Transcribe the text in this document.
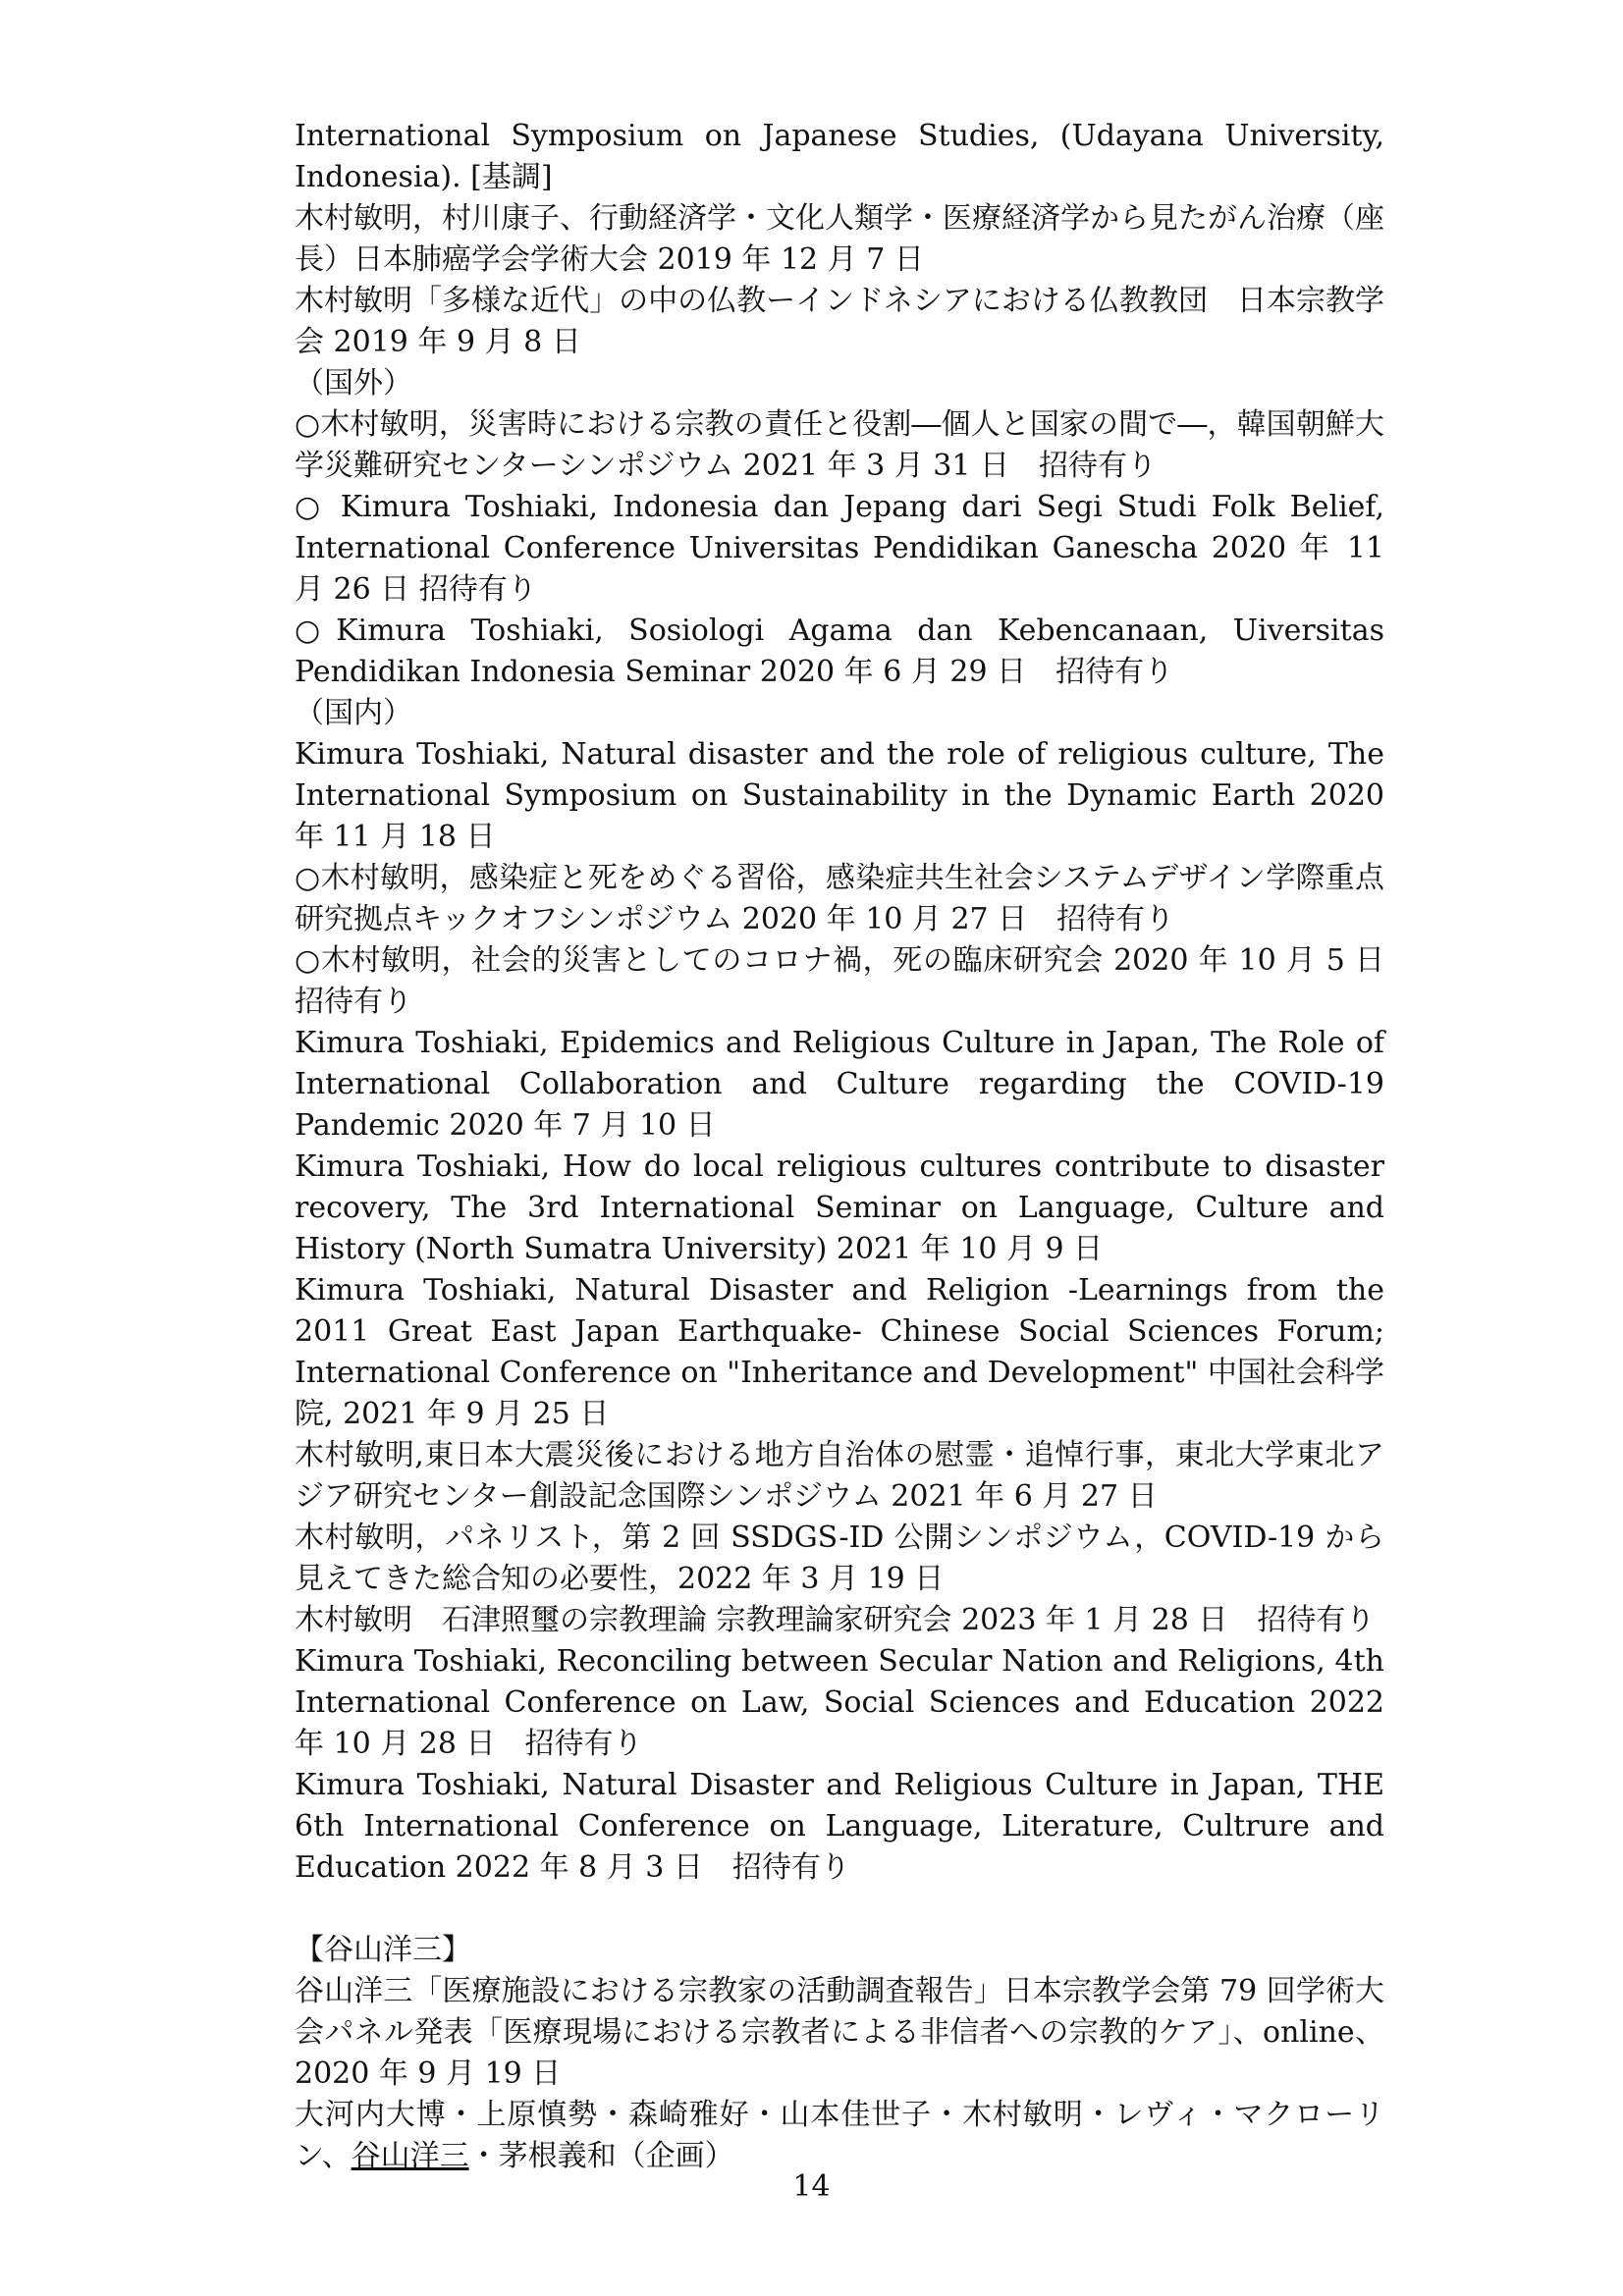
International Symposium on Japanese Studies, (Udayana University, Indonesia). [基調]

木村敏明，村川康子、行動経済学・文化人類学・医療経済学から見たがん治療（座長）日本肺癌学会学術大会 2019 年 12 月 7 日

木村敏明「多様な近代」の中の仏教ーインドネシアにおける仏教教団　日本宗教学会 2019 年 9 月 8 日

（国外）

○木村敏明，災害時における宗教の責任と役割―個人と国家の間で―，韓国朝鮮大学災難研究センターシンポジウム 2021 年 3 月 31 日　招待有り

○ Kimura Toshiaki, Indonesia dan Jepang dari Segi Studi Folk Belief, International Conference Universitas Pendidikan Ganescha 2020 年 11 月 26 日 招待有り

○Kimura Toshiaki, Sosiologi Agama dan Kebencanaan, Uiversitas Pendidikan Indonesia Seminar 2020 年 6 月 29 日　招待有り

（国内）

Kimura Toshiaki, Natural disaster and the role of religious culture, The International Symposium on Sustainability in the Dynamic Earth 2020 年 11 月 18 日

○木村敏明，感染症と死をめぐる習俗，感染症共生社会システムデザイン学際重点研究拠点キックオフシンポジウム 2020 年 10 月 27 日　招待有り

○木村敏明，社会的災害としてのコロナ禍，死の臨床研究会 2020 年 10 月 5 日　招待有り

Kimura Toshiaki, Epidemics and Religious Culture in Japan, The Role of International Collaboration and Culture regarding the COVID-19 Pandemic 2020 年 7 月 10 日

Kimura Toshiaki, How do local religious cultures contribute to disaster recovery, The 3rd International Seminar on Language, Culture and History (North Sumatra University) 2021 年 10 月 9 日

Kimura Toshiaki, Natural Disaster and Religion -Learnings from the 2011 Great East Japan Earthquake- Chinese Social Sciences Forum; International Conference on "Inheritance and Development" 中国社会科学院, 2021 年 9 月 25 日

木村敏明,東日本大震災後における地方自治体の慰霊・追悼行事，東北大学東北アジア研究センター創設記念国際シンポジウム 2021 年 6 月 27 日

木村敏明，パネリスト，第 2 回 SSDGS-ID 公開シンポジウム，COVID-19 から見えてきた総合知の必要性，2022 年 3 月 19 日

木村敏明　石津照璽の宗教理論 宗教理論家研究会 2023 年 1 月 28 日　招待有り

Kimura Toshiaki, Reconciling between Secular Nation and Religions, 4th International Conference on Law, Social Sciences and Education 2022 年 10 月 28 日　招待有り

Kimura Toshiaki, Natural Disaster and Religious Culture in Japan, THE 6th International Conference on Language, Literature, Cultrure and Education 2022 年 8 月 3 日　招待有り

【谷山洋三】

谷山洋三「医療施設における宗教家の活動調査報告」日本宗教学会第 79 回学術大会パネル発表「医療現場における宗教者による非信者への宗教的ケア」、online、2020 年 9 月 19 日

大河内大博・上原慎勢・森崎雅好・山本佳世子・木村敏明・レヴィ・マクローリン、谷山洋三・茅根義和（企画）

14
